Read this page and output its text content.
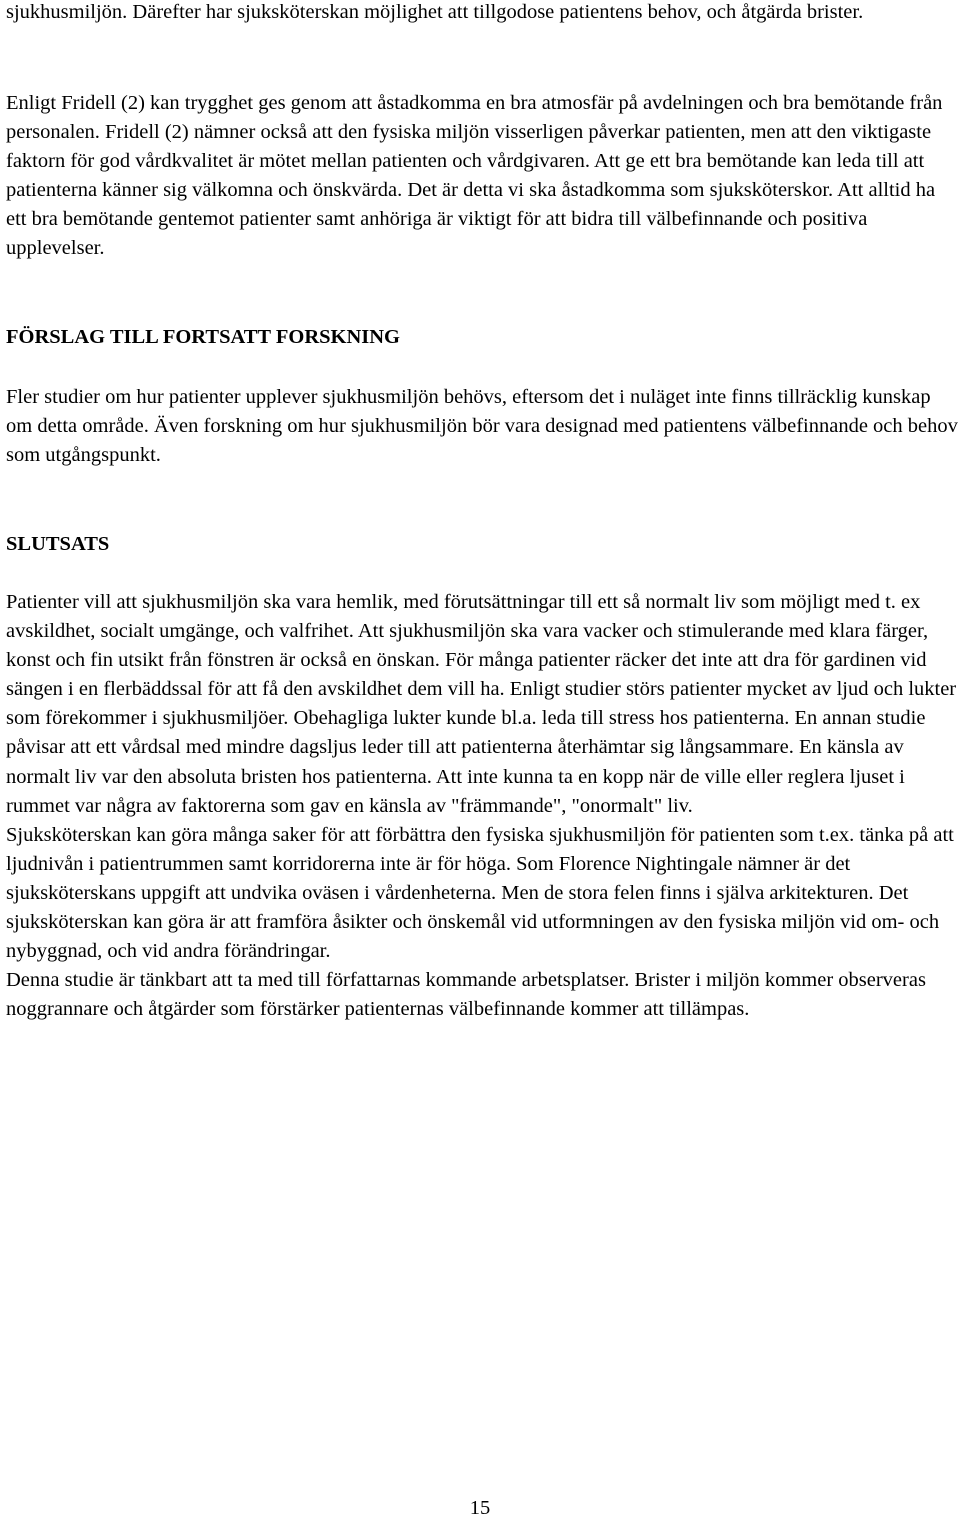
sjukhusmiljön. Därefter har sjuksköterskan möjlighet att tillgodose patientens behov, och åtgärda brister.

Enligt Fridell (2) kan trygghet ges genom att åstadkomma en bra atmosfär på avdelningen och bra bemötande från personalen. Fridell (2) nämner också att den fysiska miljön visserligen påverkar patienten, men att den viktigaste faktorn för god vårdkvalitet är mötet mellan patienten och vårdgivaren. Att ge ett bra bemötande kan leda till att patienterna känner sig välkomna och önskvärda. Det är detta vi ska åstadkomma som sjuksköterskor. Att alltid ha ett bra bemötande gentemot patienter samt anhöriga är viktigt för att bidra till välbefinnande och positiva upplevelser.

FÖRSLAG TILL FORTSATT FORSKNING

Fler studier om hur patienter upplever sjukhusmiljön behövs, eftersom det i nuläget inte finns tillräcklig kunskap om detta område. Även forskning om hur sjukhusmiljön bör vara designad med patientens välbefinnande och behov som utgångspunkt.

SLUTSATS

Patienter vill att sjukhusmiljön ska vara hemlik, med förutsättningar till ett så normalt liv som möjligt med t. ex avskildhet, socialt umgänge, och valfrihet. Att sjukhusmiljön ska vara vacker och stimulerande med klara färger, konst och fin utsikt från fönstren är också en önskan. För många patienter räcker det inte att dra för gardinen vid sängen i en flerbäddssal för att få den avskildhet dem vill ha. Enligt studier störs patienter mycket av ljud och lukter som förekommer i sjukhusmiljöer. Obehagliga lukter kunde bl.a. leda till stress hos patienterna. En annan studie påvisar att ett vårdsal med mindre dagsljus leder till att patienterna återhämtar sig långsammare. En känsla av normalt liv var den absoluta bristen hos patienterna. Att inte kunna ta en kopp när de ville eller reglera ljuset i rummet var några av faktorerna som gav en känsla av "främmande", "onormalt" liv.

Sjuksköterskan kan göra många saker för att förbättra den fysiska sjukhusmiljön för patienten som t.ex. tänka på att ljudnivån i patientrummen samt korridorerna inte är för höga. Som Florence Nightingale nämner är det sjuksköterskans uppgift att undvika oväsen i vårdenheterna. Men de stora felen finns i själva arkitekturen. Det sjuksköterskan kan göra är att framföra åsikter och önskemål vid utformningen av den fysiska miljön vid om- och nybyggnad, och vid andra förändringar.

Denna studie är tänkbart att ta med till författarnas kommande arbetsplatser. Brister i miljön kommer observeras noggrannare och åtgärder som förstärker patienternas välbefinnande kommer att tillämpas.

15
